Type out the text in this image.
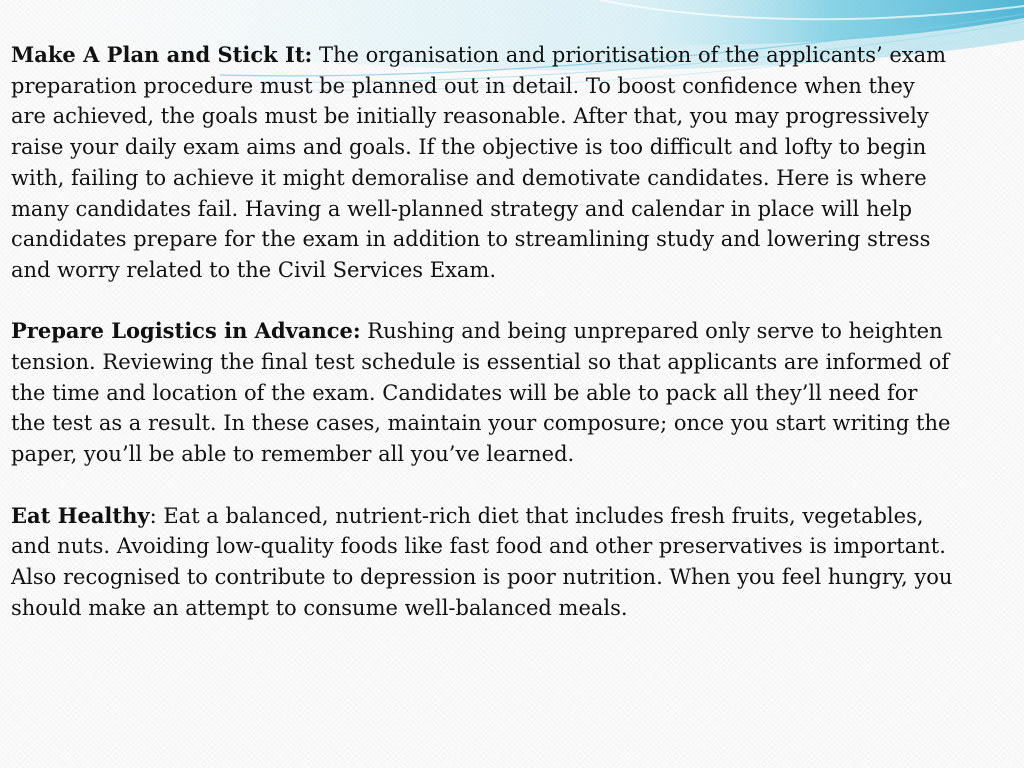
Make A Plan and Stick It: The organisation and prioritisation of the applicants’ exam preparation procedure must be planned out in detail. To boost confidence when they are achieved, the goals must be initially reasonable. After that, you may progressively raise your daily exam aims and goals. If the objective is too difficult and lofty to begin with, failing to achieve it might demoralise and demotivate candidates. Here is where many candidates fail. Having a well-planned strategy and calendar in place will help candidates prepare for the exam in addition to streamlining study and lowering stress and worry related to the Civil Services Exam.

Prepare Logistics in Advance: Rushing and being unprepared only serve to heighten tension. Reviewing the final test schedule is essential so that applicants are informed of the time and location of the exam. Candidates will be able to pack all they’ll need for the test as a result. In these cases, maintain your composure; once you start writing the paper, you’ll be able to remember all you’ve learned.

Eat Healthy: Eat a balanced, nutrient-rich diet that includes fresh fruits, vegetables, and nuts. Avoiding low-quality foods like fast food and other preservatives is important. Also recognised to contribute to depression is poor nutrition. When you feel hungry, you should make an attempt to consume well-balanced meals.
